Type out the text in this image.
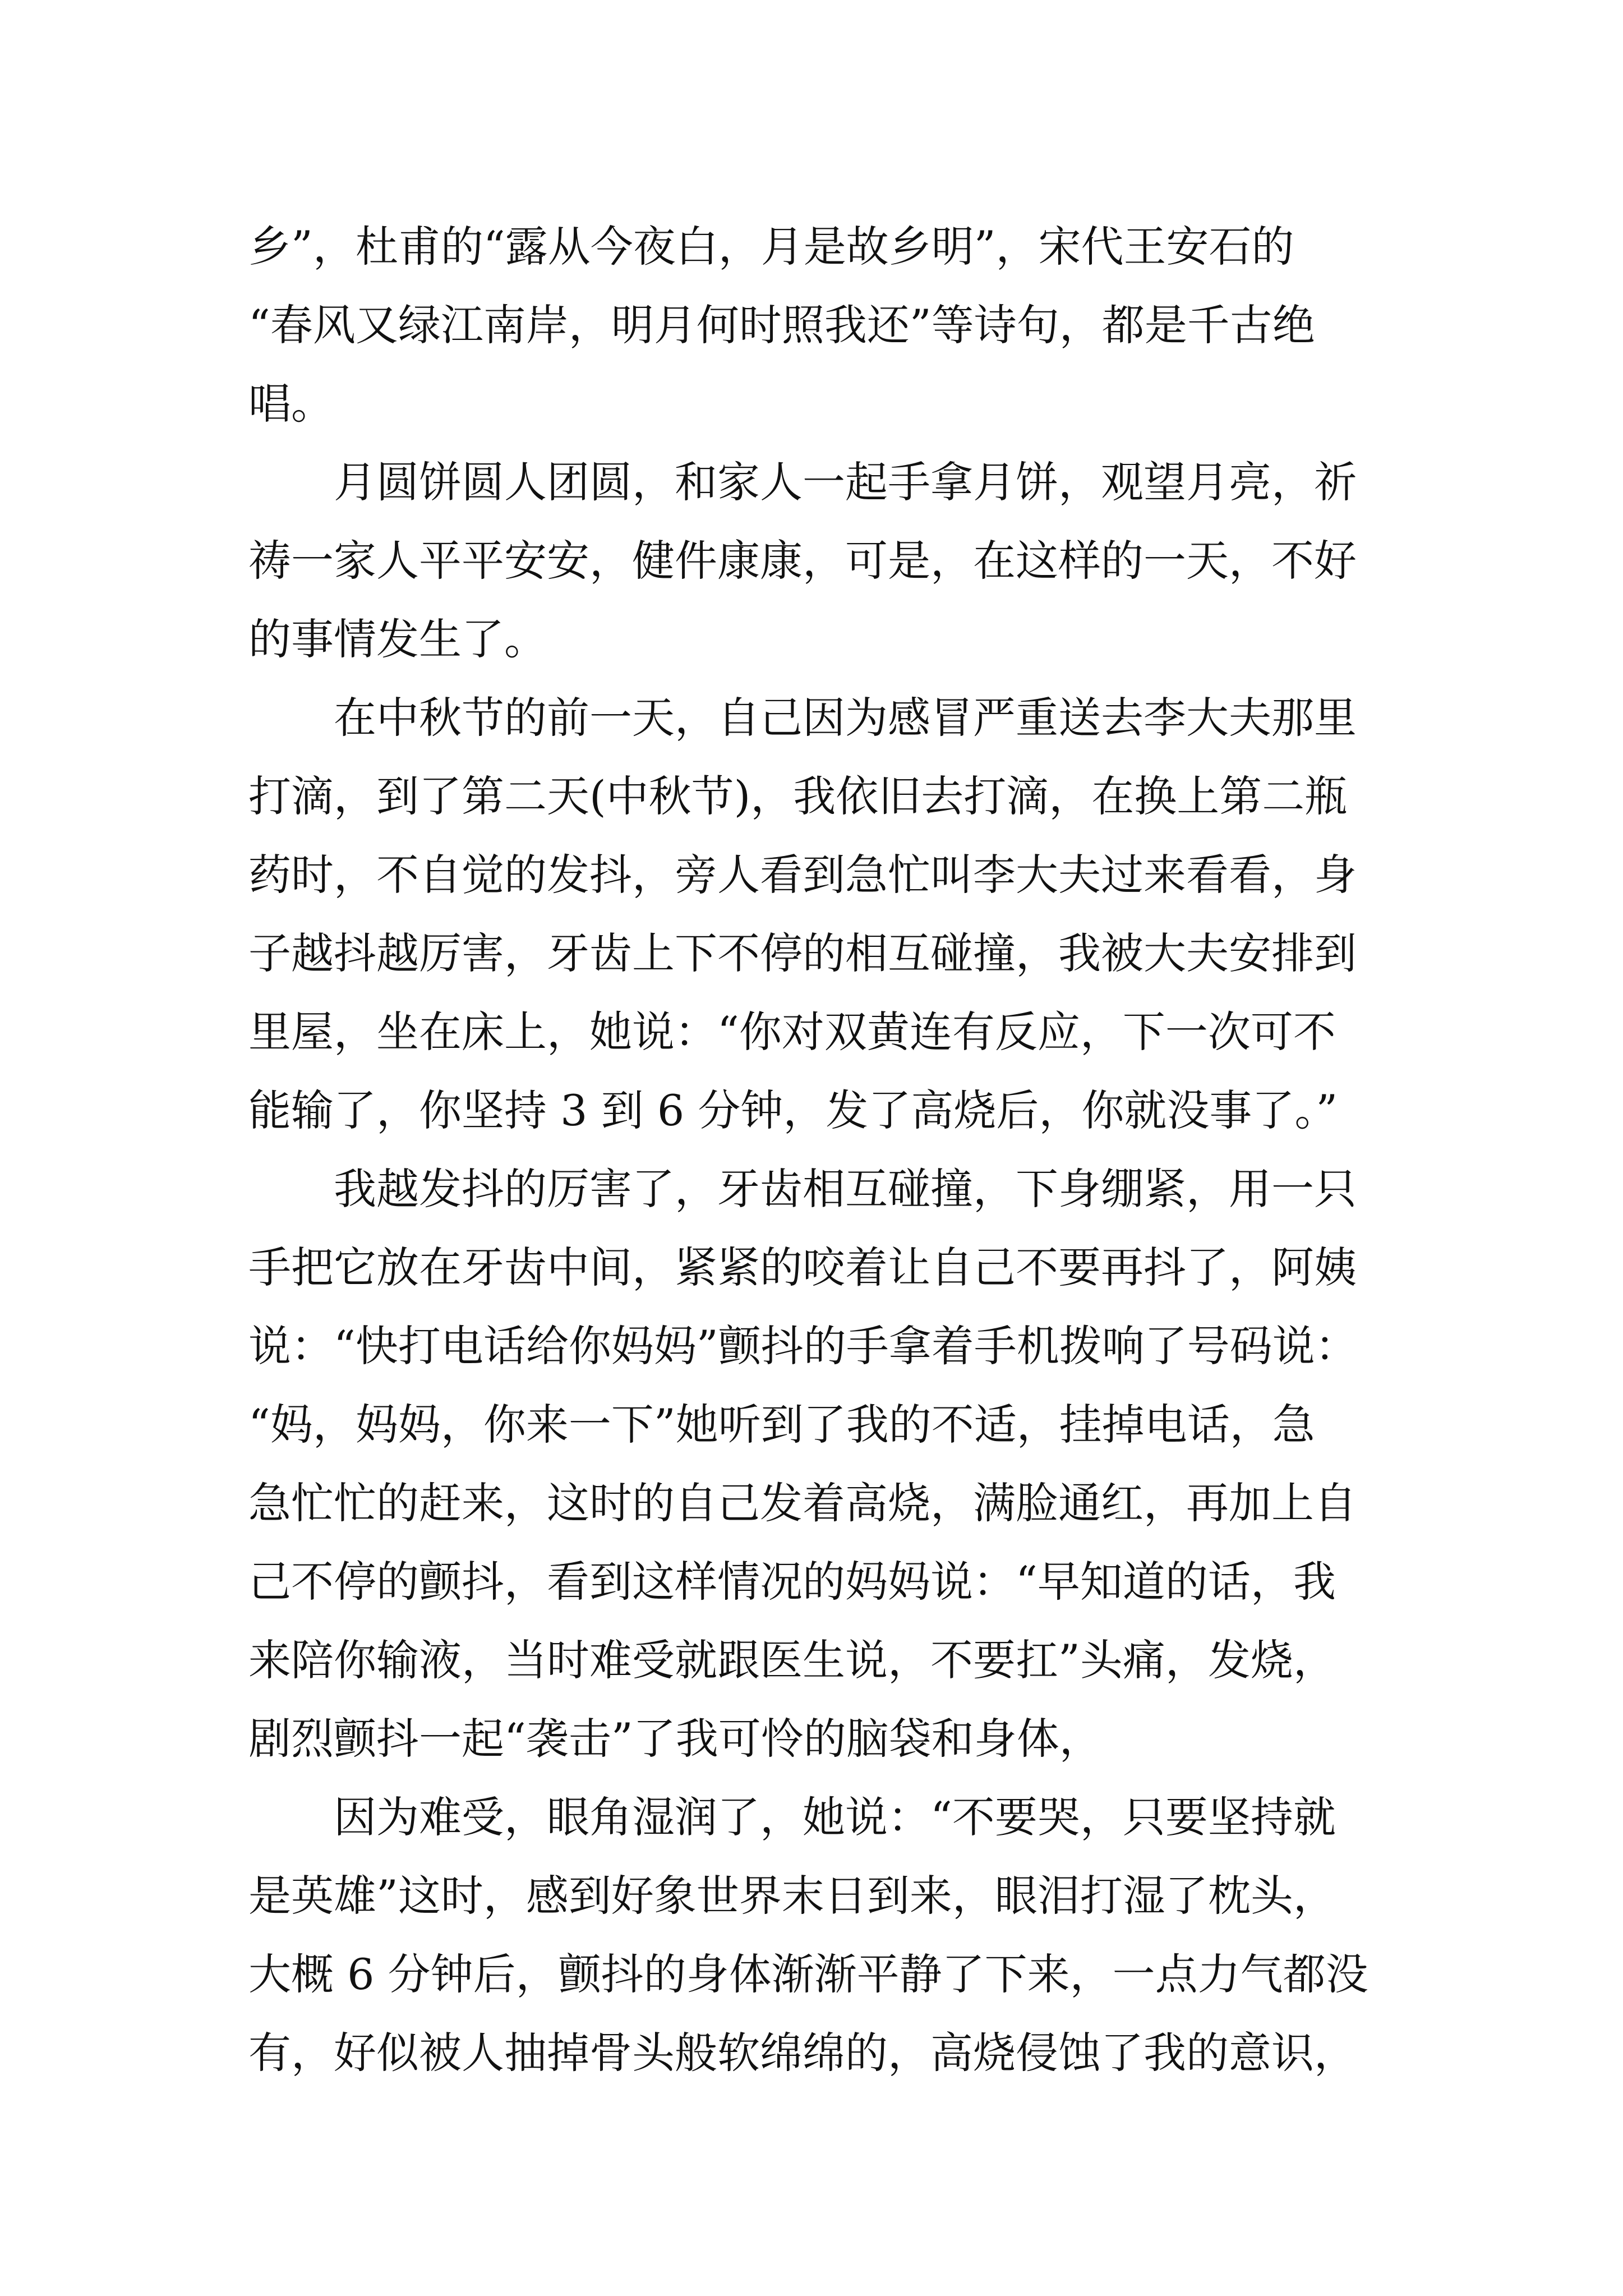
乡”，杜甫的“露从今夜白，月是故乡明”，宋代王安石的
“春风又绿江南岸，明月何时照我还”等诗句，都是千古绝
唱。
月圆饼圆人团圆，和家人一起手拿月饼，观望月亮，祈
祷一家人平平安安，健件康康，可是，在这样的一天，不好
的事情发生了。
在中秋节的前一天，自己因为感冒严重送去李大夫那里
打滴，到了第二天(中秋节)，我依旧去打滴，在换上第二瓶
药时，不自觉的发抖，旁人看到急忙叫李大夫过来看看，身
子越抖越厉害，牙齿上下不停的相互碰撞，我被大夫安排到
里屋，坐在床上，她说：“你对双黄连有反应，下一次可不
能输了，你坚持 3 到 6 分钟，发了高烧后，你就没事了。”
我越发抖的厉害了，牙齿相互碰撞，下身绷紧，用一只
手把它放在牙齿中间，紧紧的咬着让自己不要再抖了，阿姨
说：“快打电话给你妈妈”颤抖的手拿着手机拨响了号码说：
“妈，妈妈，你来一下”她听到了我的不适，挂掉电话，急
急忙忙的赶来，这时的自己发着高烧，满脸通红，再加上自
己不停的颤抖，看到这样情况的妈妈说：“早知道的话，我
来陪你输液，当时难受就跟医生说，不要扛”头痛，发烧，
剧烈颤抖一起“袭击”了我可怜的脑袋和身体，
因为难受，眼角湿润了，她说：“不要哭，只要坚持就
是英雄”这时，感到好象世界末日到来，眼泪打湿了枕头，
大概 6 分钟后，颤抖的身体渐渐平静了下来，一点力气都没
有，好似被人抽掉骨头般软绵绵的，高烧侵蚀了我的意识，
